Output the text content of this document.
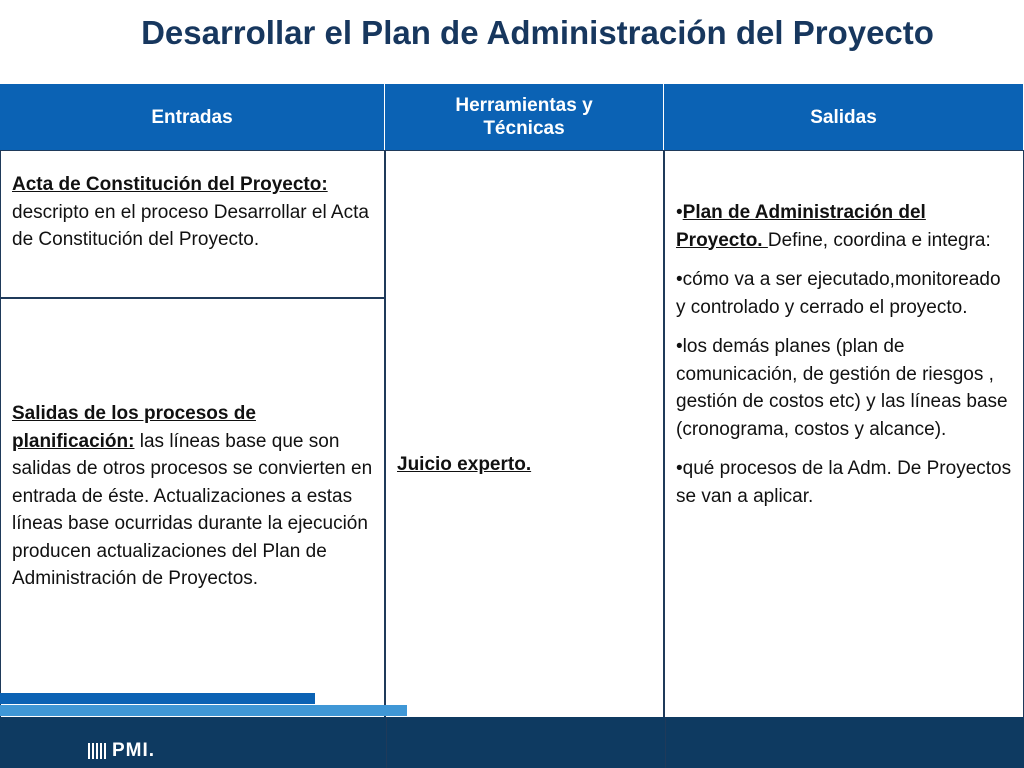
Desarrollar el Plan de Administración del Proyecto
Entradas
Herramientas y Técnicas
Salidas
Acta de Constitución del Proyecto: descripto en el proceso Desarrollar el Acta de Constitución del Proyecto.
Salidas de los procesos de planificación: las líneas base que son salidas de otros procesos se convierten en entrada de éste. Actualizaciones a estas líneas base ocurridas durante la ejecución producen actualizaciones del Plan de Administración de Proyectos.
Juicio experto.

•Plan de Administración del Proyecto. Define, coordina e integra:

•cómo va a ser ejecutado,monitoreado y controlado y cerrado el proyecto.

•los demás planes (plan de comunicación, de gestión de riesgos , gestión de costos etc) y las líneas base (cronograma, costos y alcance).

•qué procesos de la Adm. De Proyectos se van a aplicar.

PMI.
